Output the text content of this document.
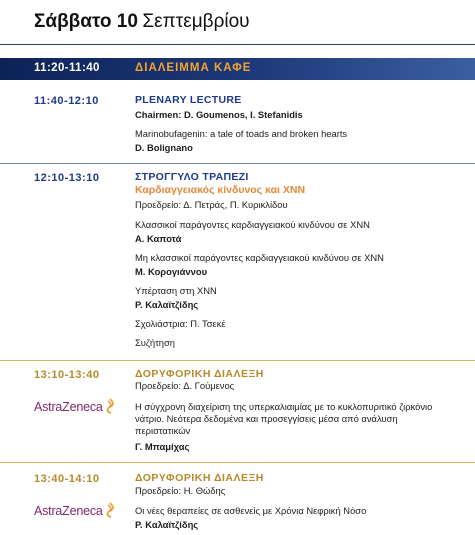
Σάββατο 10 Σεπτεμβρίου
11:20-11:40	ΔΙΑΛΕΙΜΜΑ ΚΑΦΕ
11:40-12:10	PLENARY LECTURE
Chairmen: D. Goumenos, I. Stefanidis
Marinobufagenin: a tale of toads and broken hearts
D. Bolignano
12:10-13:10	ΣΤΡΟΓΓΥΛΟ ΤΡΑΠΕΖΙ
Καρδιαγγειακός κίνδυνος και ΧΝΝ
Προεδρείο: Δ. Πετράς, Π. Κυρικλίδου
Κλασσικοί παράγοντες καρδιαγγειακού κινδύνου σε ΧΝΝ
Α. Καποτά
Μη κλασσικοί παράγοντες καρδιαγγειακού κινδύνου σε ΧΝΝ
Μ. Κορογιάννου
Υπέρταση στη ΧΝΝ
Ρ. Καλαϊτζίδης
Σχολιάστρια: Π. Τσεκέ
Συζήτηση
13:10-13:40	ΔΟΡΥΦΟΡΙΚΗ ΔΙΑΛΕΞΗ
Προεδρείο: Δ. Γούμενος
Η σύγχρονη διαχείριση της υπερκαλιαιμίας με το κυκλοπυριτικό ζιρκόνιο νάτριο. Νεότερα δεδομένα και προσεγγίσεις μέσα από ανάλυση περιστατικών
Γ. Μπαμίχας
AstraZeneca
13:40-14:10	ΔΟΡΥΦΟΡΙΚΗ ΔΙΑΛΕΞΗ
Προεδρείο: Η. Θώδης
Οι νέες θεραπείες σε ασθενείς με Χρόνια Νεφρική Νόσο
Ρ. Καλαϊτζίδης
AstraZeneca
